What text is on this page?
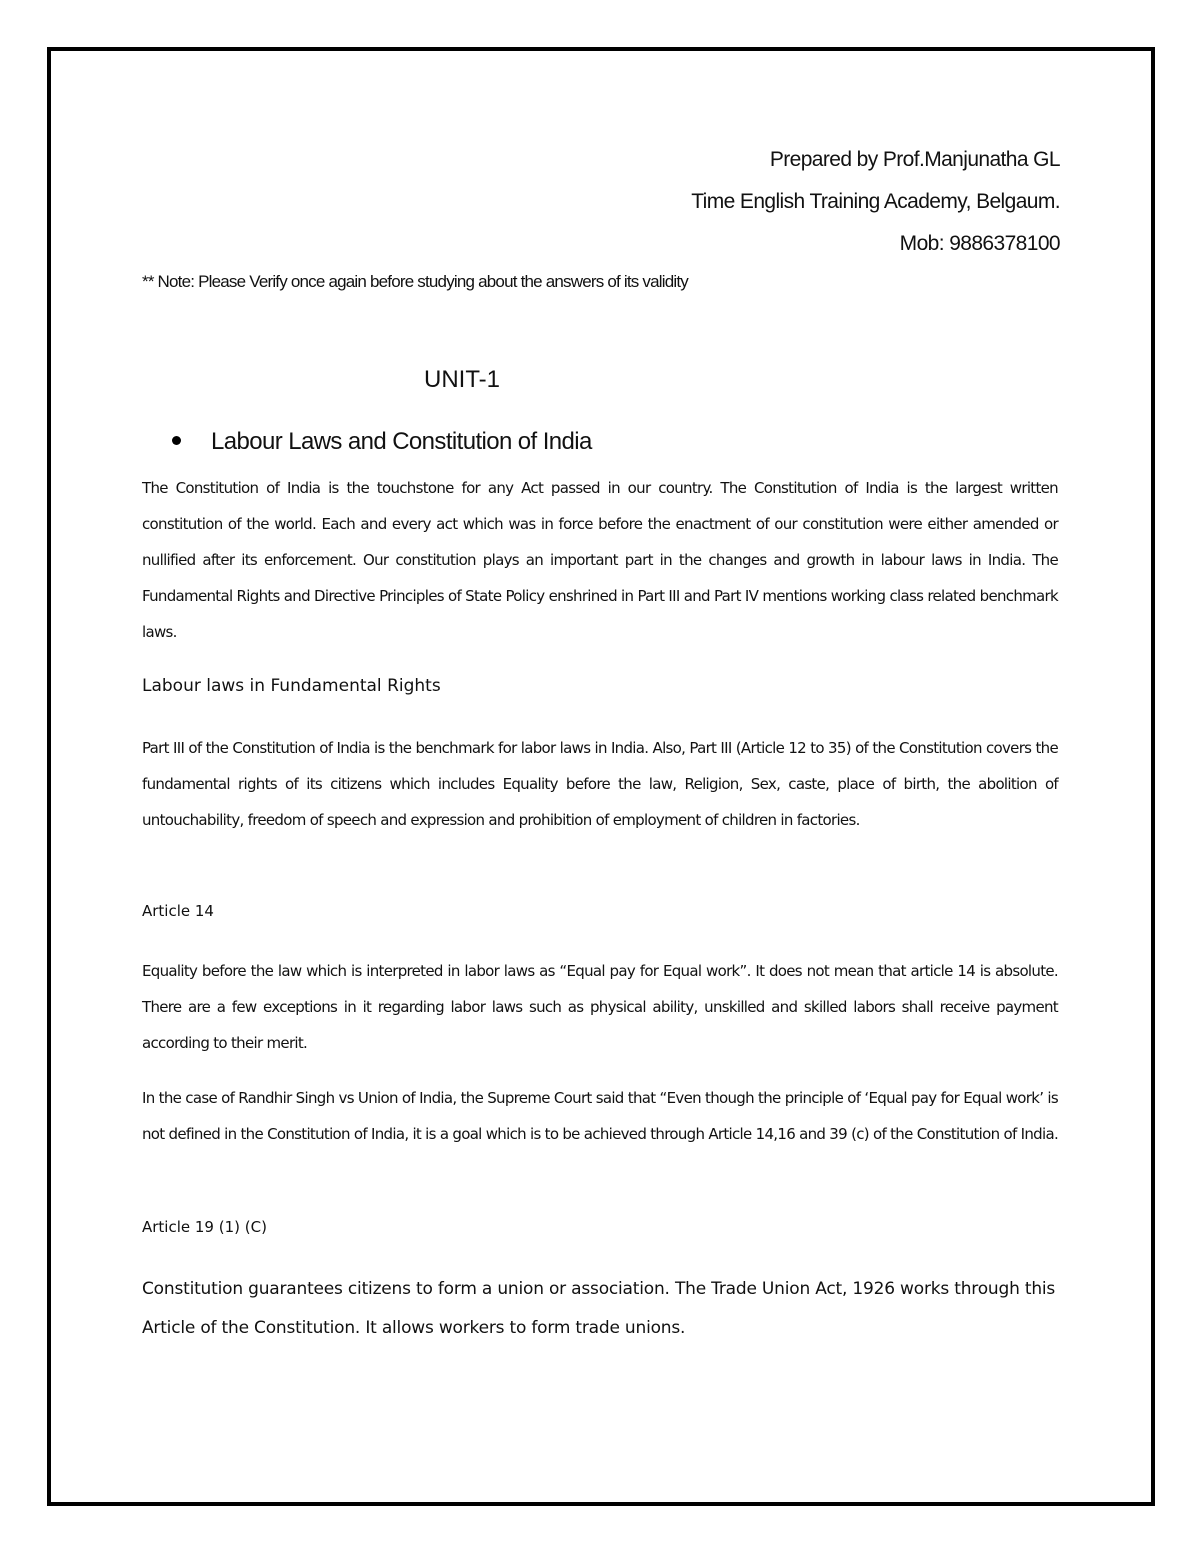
Prepared by Prof.Manjunatha GL
Time English Training Academy, Belgaum.
Mob: 9886378100
** Note: Please Verify once again before studying about the answers of its validity
UNIT-1
Labour Laws and Constitution of India
The Constitution of India is the touchstone for any Act passed in our country. The Constitution of India is the largest written constitution of the world. Each and every act which was in force before the enactment of our constitution were either amended or nullified after its enforcement. Our constitution plays an important part in the changes and growth in labour laws in India. The Fundamental Rights and Directive Principles of State Policy enshrined in Part III and Part IV mentions working class related benchmark laws.
Labour laws in Fundamental Rights
Part III of the Constitution of India is the benchmark for labor laws in India. Also, Part III (Article 12 to 35) of the Constitution covers the fundamental rights of its citizens which includes Equality before the law, Religion, Sex, caste, place of birth, the abolition of untouchability, freedom of speech and expression and prohibition of employment of children in factories.
Article 14
Equality before the law which is interpreted in labor laws as “Equal pay for Equal work”. It does not mean that article 14 is absolute. There are a few exceptions in it regarding labor laws such as physical ability, unskilled and skilled labors shall receive payment according to their merit.
In the case of Randhir Singh vs Union of India, the Supreme Court said that “Even though the principle of ‘Equal pay for Equal work’ is not defined in the Constitution of India, it is a goal which is to be achieved through Article 14,16 and 39 (c) of the Constitution of India.
Article 19 (1) (C)
Constitution guarantees citizens to form a union or association. The Trade Union Act, 1926 works through this Article of the Constitution. It allows workers to form trade unions.
